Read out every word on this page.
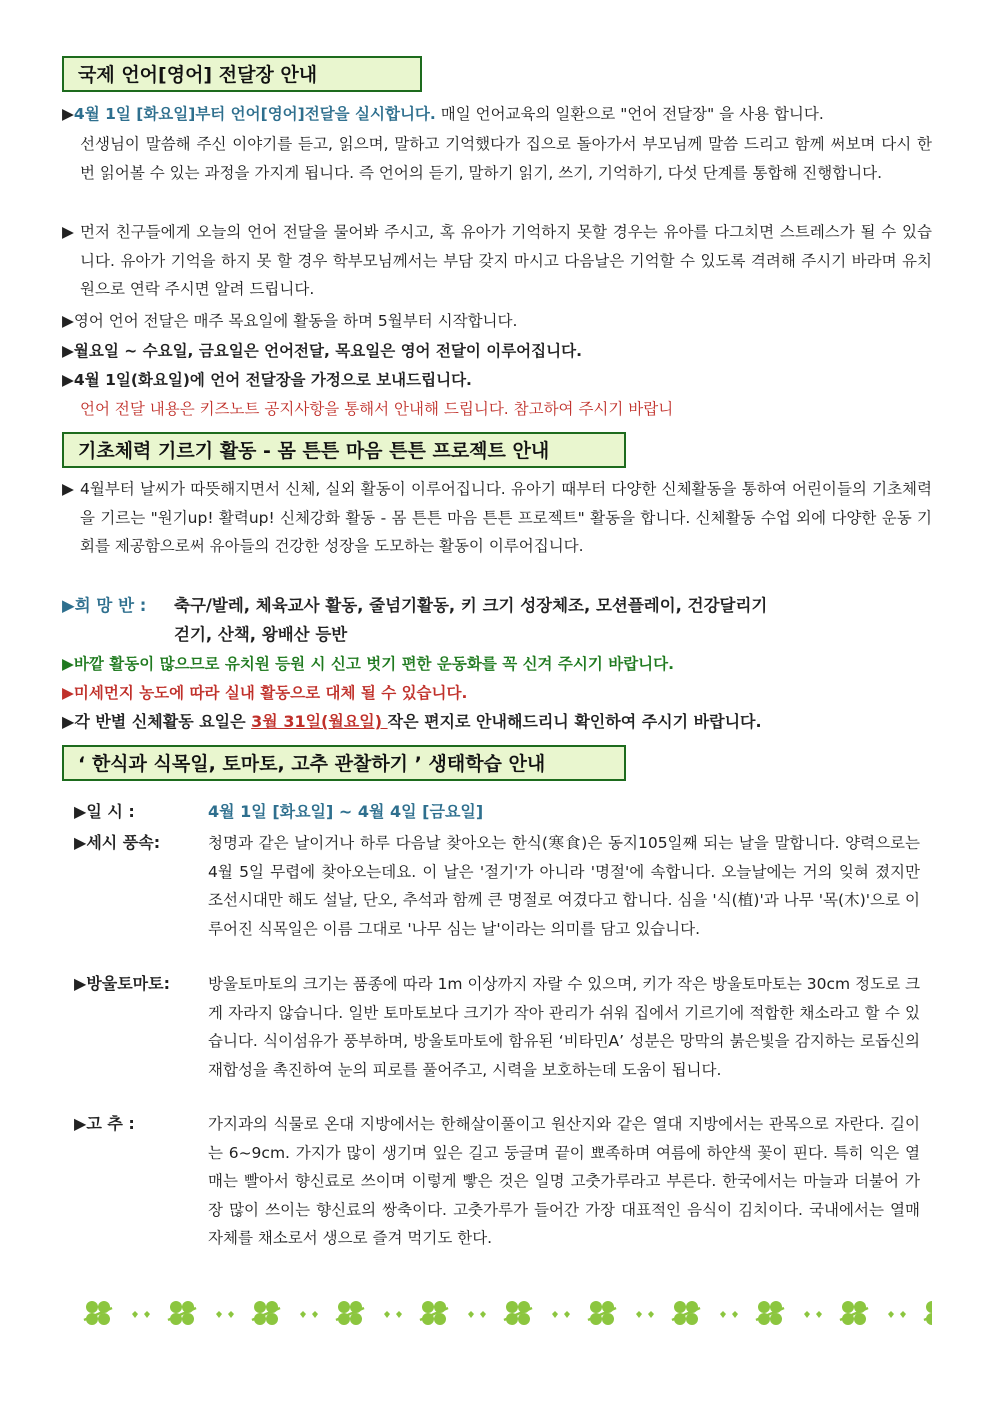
국제 언어[영어] 전달장 안내
▶4월 1일 [화요일]부터 언어[영어]전달을 실시합니다. 매일 언어교육의 일환으로 "언어 전달장" 을 사용 합니다.
선생님이 말씀해 주신 이야기를 듣고, 읽으며, 말하고 기억했다가 집으로 돌아가서 부모님께 말씀 드리고 함께 써보며 다시 한번 읽어볼 수 있는 과정을 가지게 됩니다. 즉 언어의 듣기, 말하기 읽기, 쓰기, 기억하기, 다섯 단계를 통합해 진행합니다.
▶ 먼저 친구들에게 오늘의 언어 전달을 물어봐 주시고, 혹 유아가 기억하지 못할 경우는 유아를 다그치면 스트레스가 될 수 있습니다. 유아가 기억을 하지 못 할 경우 학부모님께서는 부담 갖지 마시고 다음날은 기억할 수 있도록 격려해 주시기 바라며 유치원으로 연락 주시면 알려 드립니다.
▶영어 언어 전달은 매주 목요일에 활동을 하며 5월부터 시작합니다.
▶월요일 ~ 수요일, 금요일은 언어전달, 목요일은 영어 전달이 이루어집니다.
▶4월 1일(화요일)에 언어 전달장을 가정으로 보내드립니다.
언어 전달 내용은 키즈노트 공지사항을 통해서 안내해 드립니다. 참고하여 주시기 바랍니
기초체력 기르기 활동 - 몸 튼튼 마음 튼튼 프로젝트 안내
▶ 4월부터 날씨가 따뜻해지면서 신체, 실외 활동이 이루어집니다. 유아기 때부터 다양한 신체활동을 통하여 어린이들의 기초체력을 기르는 "원기up! 활력up! 신체강화 활동 - 몸 튼튼 마음 튼튼 프로젝트" 활동을 합니다. 신체활동 수업 외에 다양한 운동 기회를 제공함으로써 유아들의 건강한 성장을 도모하는 활동이 이루어집니다.
▶희 망 반 :	축구/발레, 체육교사 활동, 줄넘기활동, 키 크기 성장체조, 모션플레이, 건강달리기
걷기, 산책, 왕배산 등반
▶바깥 활동이 많으므로 유치원 등원 시 신고 벗기 편한 운동화를 꼭 신겨 주시기 바랍니다.
▶미세먼지 농도에 따라 실내 활동으로 대체 될 수 있습니다.
▶각 반별 신체활동 요일은 3월 31일(월요일) 작은 편지로 안내해드리니 확인하여 주시기 바랍니다.
‘ 한식과 식목일, 토마토, 고추 관찰하기 ’ 생태학습 안내
▶일 시 :	4월 1일 [화요일] ~ 4월 4일 [금요일]
▶세시 풍속:	청명과 같은 날이거나 하루 다음날 찾아오는 한식(寒食)은 동지105일째 되는 날을 말합니다. 양력으로는 4월 5일 무렵에 찾아오는데요. 이 날은 '절기'가 아니라 '명절'에 속합니다. 오늘날에는 거의 잊혀 졌지만 조선시대만 해도 설날, 단오, 추석과 함께 큰 명절로 여겼다고 합니다. 심을 '식(植)'과 나무 '목(木)'으로 이루어진 식목일은 이름 그대로 '나무 심는 날'이라는 의미를 담고 있습니다.
▶방울토마토: 방울토마토의 크기는 품종에 따라 1m 이상까지 자랄 수 있으며, 키가 작은 방울토마토는 30cm 정도로 크게 자라지 않습니다. 일반 토마토보다 크기가 작아 관리가 쉬워 집에서 기르기에 적합한 채소라고 할 수 있습니다. 식이섬유가 풍부하며, 방울토마토에 함유된 ‘비타민A’ 성분은 망막의 붉은빛을 감지하는 로돕신의 재합성을 촉진하여 눈의 피로를 풀어주고, 시력을 보호하는데 도움이 됩니다.
▶고 추 :	가지과의 식물로 온대 지방에서는 한해살이풀이고 원산지와 같은 열대 지방에서는 관목으로 자란다. 길이는 6~9cm. 가지가 많이 생기며 잎은 길고 둥글며 끝이 뾰족하며 여름에 하얀색 꽃이 핀다. 특히 익은 열매는 빨아서 향신료로 쓰이며 이렇게 빻은 것은 일명 고춧가루라고 부른다. 한국에서는 마늘과 더불어 가장 많이 쓰이는 향신료의 쌍축이다. 고춧가루가 들어간 가장 대표적인 음식이 김치이다. 국내에서는 열매 자체를 채소로서 생으로 즐겨 먹기도 한다.
